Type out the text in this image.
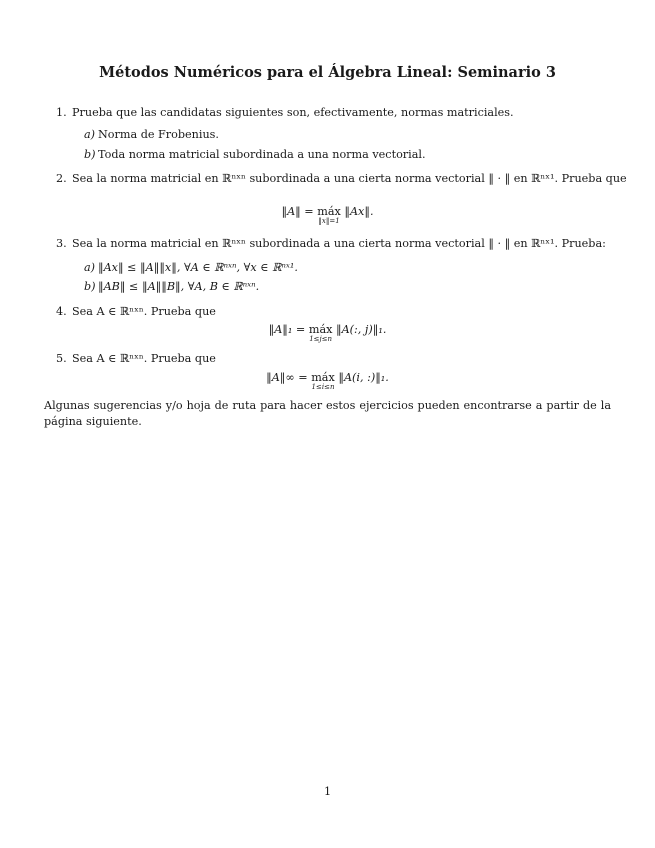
Métodos Numéricos para el Álgebra Lineal: Seminario 3
1. Prueba que las candidatas siguientes son, efectivamente, normas matriciales.
a) Norma de Frobenius.
b) Toda norma matricial subordinada a una norma vectorial.
2. Sea la norma matricial en ℝⁿˣⁿ subordinada a una cierta norma vectorial ‖ · ‖ en ℝⁿˣ¹. Prueba que
‖A‖ = máx
‖x‖=1
‖Ax‖.
3. Sea la norma matricial en ℝⁿˣⁿ subordinada a una cierta norma vectorial ‖ · ‖ en ℝⁿˣ¹. Prueba:
a) ‖Ax‖ ≤ ‖A‖‖x‖, ∀A ∈ ℝⁿˣⁿ, ∀x ∈ ℝⁿˣ¹.
b) ‖AB‖ ≤ ‖A‖‖B‖, ∀A, B ∈ ℝⁿˣⁿ.
4. Sea A ∈ ℝⁿˣⁿ. Prueba que
‖A‖₁ = máx
1≤j≤n
‖A(:, j)‖₁.
5. Sea A ∈ ℝⁿˣⁿ. Prueba que
‖A‖∞ = máx
1≤i≤n
‖A(i, :)‖₁.
Algunas sugerencias y/o hoja de ruta para hacer estos ejercicios pueden encontrarse a partir de la página siguiente.
1
